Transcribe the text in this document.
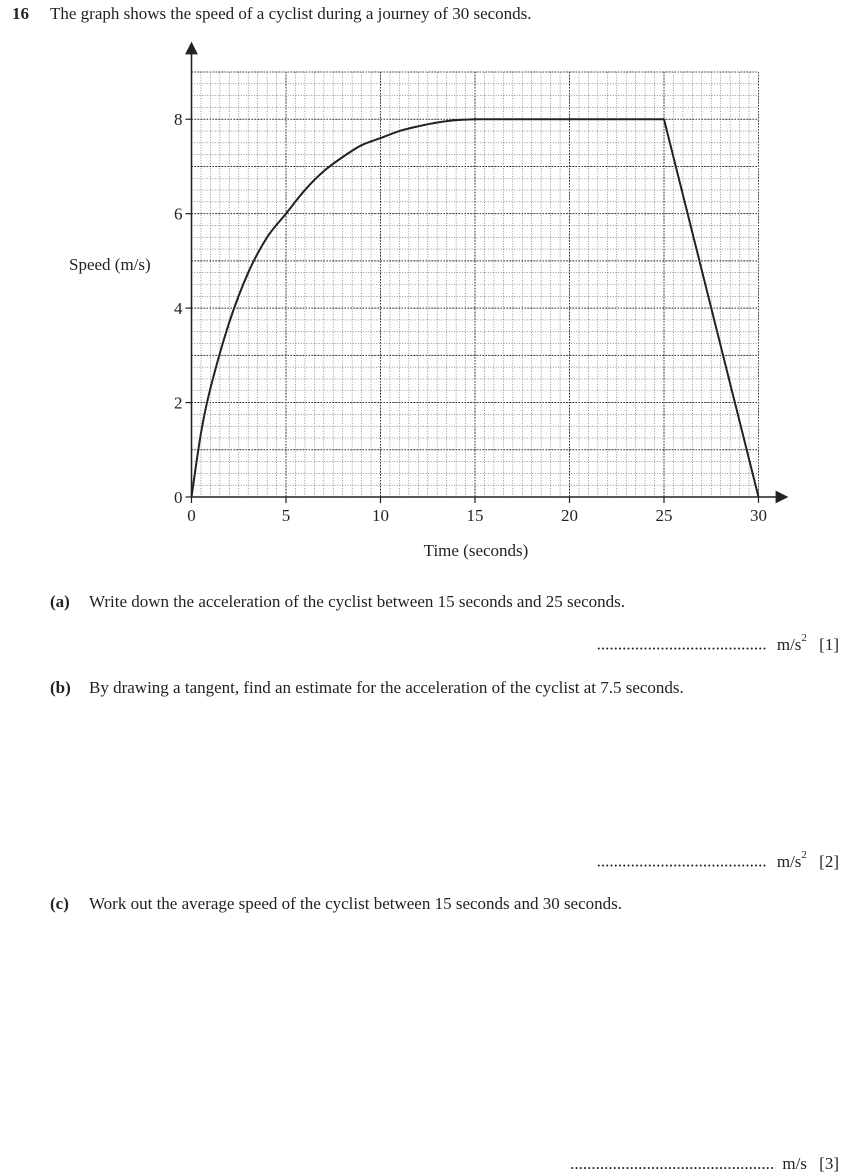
16 The graph shows the speed of a cyclist during a journey of 30 seconds.
0	5	10	15	20	25	30
0
2
4
6
8
Speed (m/s)
Time (seconds)
(a) Write down the acceleration of the cyclist between 15 seconds and 25 seconds.
........................................ $m/s^2$ [1]
(b) By drawing a tangent, find an estimate for the acceleration of the cyclist at 7.5 seconds.
........................................ $m/s^2$ [2]
(c) Work out the average speed of the cyclist between 15 seconds and 30 seconds.
................................................ m/s [3]
